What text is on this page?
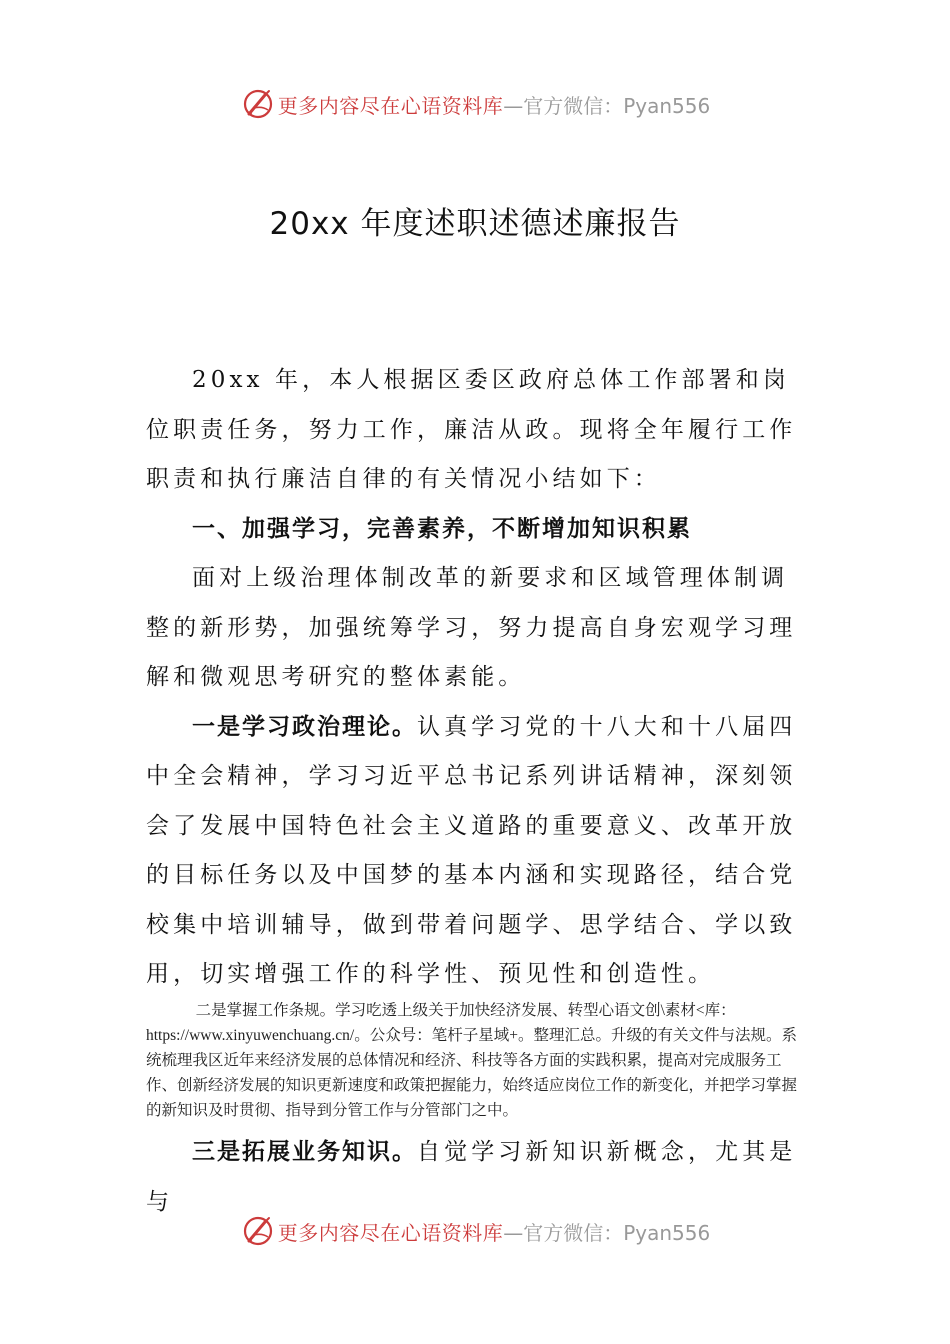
更多内容尽在心语资料库 —官方微信：Pyan556
20xx 年度述职述德述廉报告

20xx 年，本人根据区委区政府总体工作部署和岗位职责任务，努力工作，廉洁从政。现将全年履行工作职责和执行廉洁自律的有关情况小结如下：

一、加强学习，完善素养，不断增加知识积累

面对上级治理体制改革的新要求和区域管理体制调整的新形势，加强统筹学习，努力提高自身宏观学习理解和微观思考研究的整体素能。

一是学习政治理论。认真学习党的十八大和十八届四中全会精神，学习习近平总书记系列讲话精神，深刻领会了发展中国特色社会主义道路的重要意义、改革开放的目标任务以及中国梦的基本内涵和实现路径，结合党校集中培训辅导，做到带着问题学、思学结合、学以致用，切实增强工作的科学性、预见性和创造性。

二是掌握工作条规。学习吃透上级关于加快经济发展、转型心语文创\素材<库：https://www.xinyuwenchuang.cn/。公众号：笔杆子星域+。整理汇总。升级的有关文件与法规。系统梳理我区近年来经济发展的总体情况和经济、科技等各方面的实践积累，提高对完成服务工作、创新经济发展的知识更新速度和政策把握能力，始终适应岗位工作的新变化，并把学习掌握的新知识及时贯彻、指导到分管工作与分管部门之中。

三是拓展业务知识。自觉学习新知识新概念，尤其是与

更多内容尽在心语资料库 —官方微信：Pyan556
